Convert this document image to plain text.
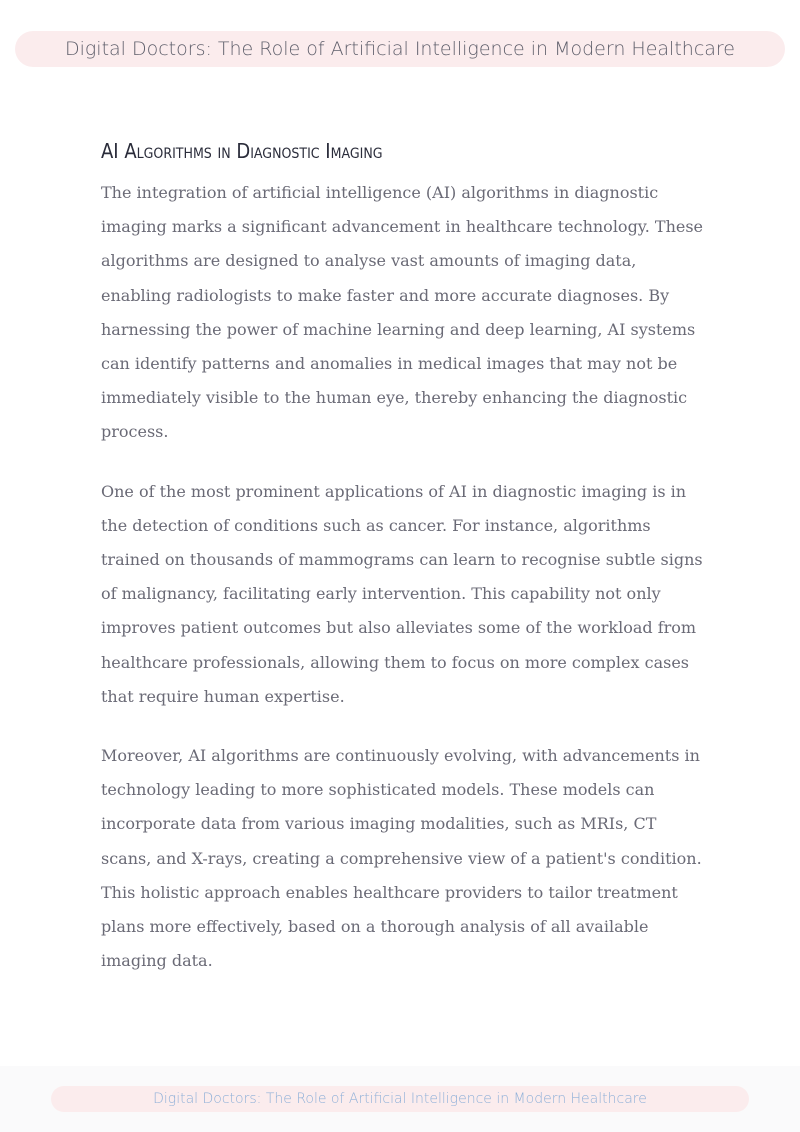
Digital Doctors: The Role of Artificial Intelligence in Modern Healthcare
AI Algorithms in Diagnostic Imaging

The integration of artificial intelligence (AI) algorithms in diagnostic imaging marks a significant advancement in healthcare technology. These algorithms are designed to analyse vast amounts of imaging data, enabling radiologists to make faster and more accurate diagnoses. By harnessing the power of machine learning and deep learning, AI systems can identify patterns and anomalies in medical images that may not be immediately visible to the human eye, thereby enhancing the diagnostic process.

One of the most prominent applications of AI in diagnostic imaging is in the detection of conditions such as cancer. For instance, algorithms trained on thousands of mammograms can learn to recognise subtle signs of malignancy, facilitating early intervention. This capability not only improves patient outcomes but also alleviates some of the workload from healthcare professionals, allowing them to focus on more complex cases that require human expertise.

Moreover, AI algorithms are continuously evolving, with advancements in technology leading to more sophisticated models. These models can incorporate data from various imaging modalities, such as MRIs, CT scans, and X-rays, creating a comprehensive view of a patient's condition. This holistic approach enables healthcare providers to tailor treatment plans more effectively, based on a thorough analysis of all available imaging data.

Digital Doctors: The Role of Artificial Intelligence in Modern Healthcare
